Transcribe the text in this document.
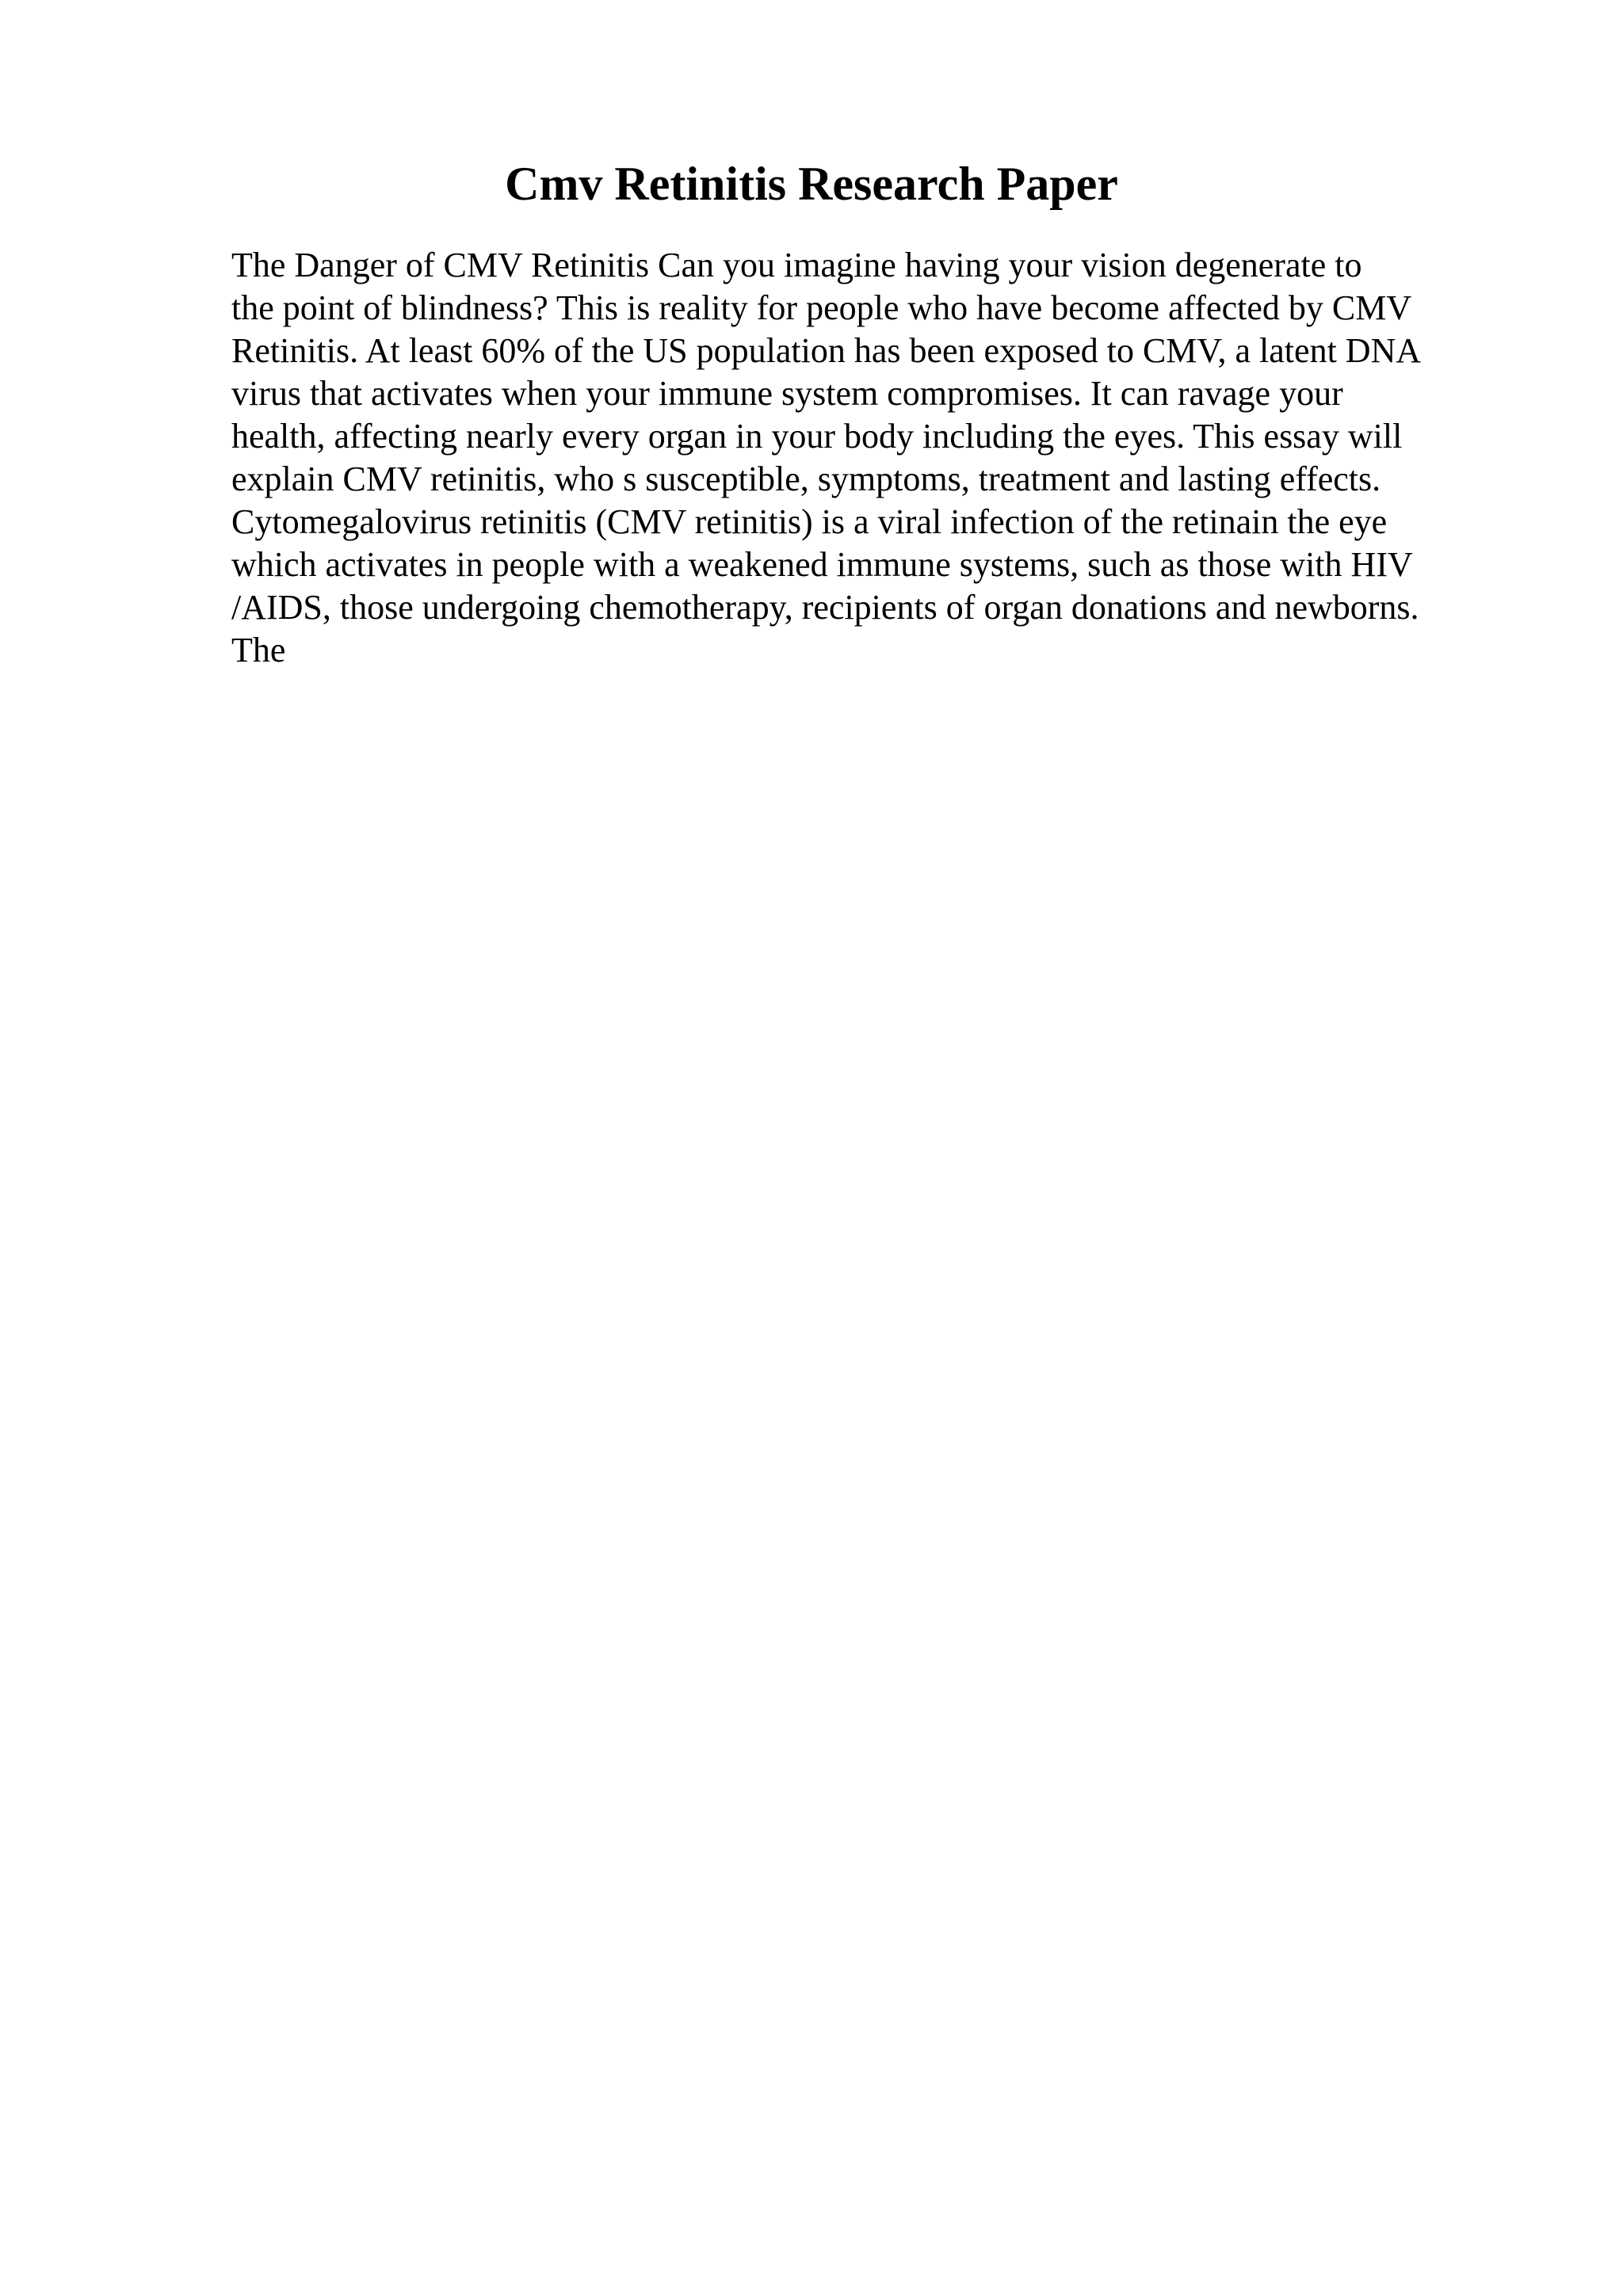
Cmv Retinitis Research Paper
The Danger of CMV Retinitis Can you imagine having your vision degenerate to
the point of blindness? This is reality for people who have become affected by CMV
Retinitis. At least 60% of the US population has been exposed to CMV, a latent DNA
virus that activates when your immune system compromises. It can ravage your
health, affecting nearly every organ in your body including the eyes. This essay will
explain CMV retinitis, who s susceptible, symptoms, treatment and lasting effects.
Cytomegalovirus retinitis (CMV retinitis) is a viral infection of the retinain the eye
which activates in people with a weakened immune systems, such as those with HIV
/AIDS, those undergoing chemotherapy, recipients of organ donations and newborns.
The
